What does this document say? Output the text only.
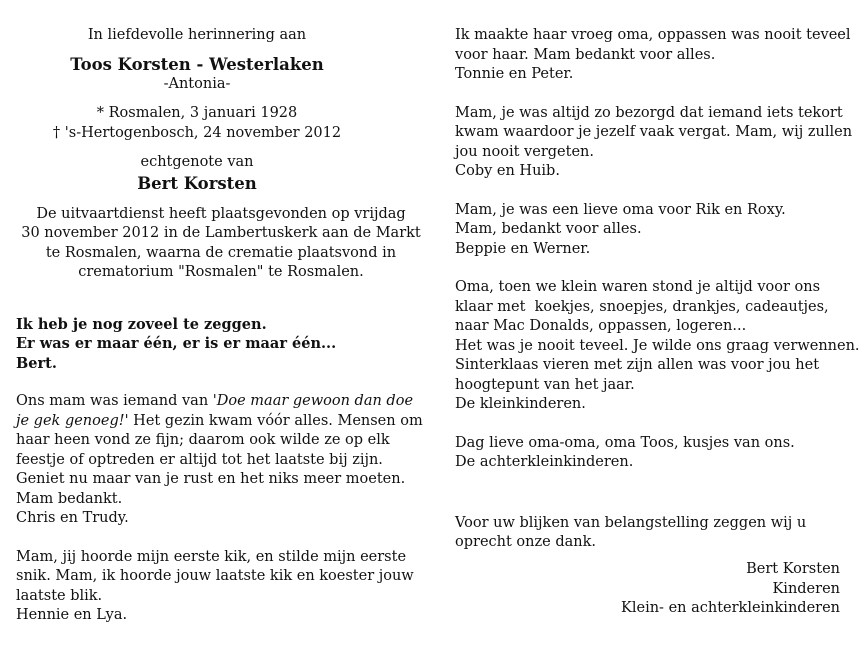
In liefdevolle herinnering aan

Toos Korsten - Westerlaken

-Antonia-

* Rosmalen, 3 januari 1928

† 's-Hertogenbosch, 24 november 2012

echtgenote van

Bert Korsten

De uitvaartdienst heeft plaatsgevonden op vrijdag
30 november 2012 in de Lambertuskerk aan de Markt
te Rosmalen, waarna de crematie plaatsvond in
crematorium "Rosmalen" te Rosmalen.
Ik heb je nog zoveel te zeggen.
Er was er maar één, er is er maar één...
Bert.
Ons mam was iemand van 'Doe maar gewoon dan doe
je gek genoeg!' Het gezin kwam vóór alles. Mensen om
haar heen vond ze fijn; daarom ook wilde ze op elk
feestje of optreden er altijd tot het laatste bij zijn.
Geniet nu maar van je rust en het niks meer moeten.
Mam bedankt.
Chris en Trudy.
Mam, jij hoorde mijn eerste kik, en stilde mijn eerste
snik. Mam, ik hoorde jouw laatste kik en koester jouw
laatste blik.
Hennie en Lya.
Ik maakte haar vroeg oma, oppassen was nooit teveel
voor haar. Mam bedankt voor alles.
Tonnie en Peter.
Mam, je was altijd zo bezorgd dat iemand iets tekort
kwam waardoor je jezelf vaak vergat. Mam, wij zullen
jou nooit vergeten.
Coby en Huib.
Mam, je was een lieve oma voor Rik en Roxy.
Mam, bedankt voor alles.
Beppie en Werner.
Oma, toen we klein waren stond je altijd voor ons
klaar met  koekjes, snoepjes, drankjes, cadeautjes,
naar Mac Donalds, oppassen, logeren...
Het was je nooit teveel. Je wilde ons graag verwennen.
Sinterklaas vieren met zijn allen was voor jou het
hoogtepunt van het jaar.
De kleinkinderen.
Dag lieve oma-oma, oma Toos, kusjes van ons.
De achterkleinkinderen.
Voor uw blijken van belangstelling zeggen wij u
oprecht onze dank.
Bert Korsten
Kinderen
Klein- en achterkleinkinderen
